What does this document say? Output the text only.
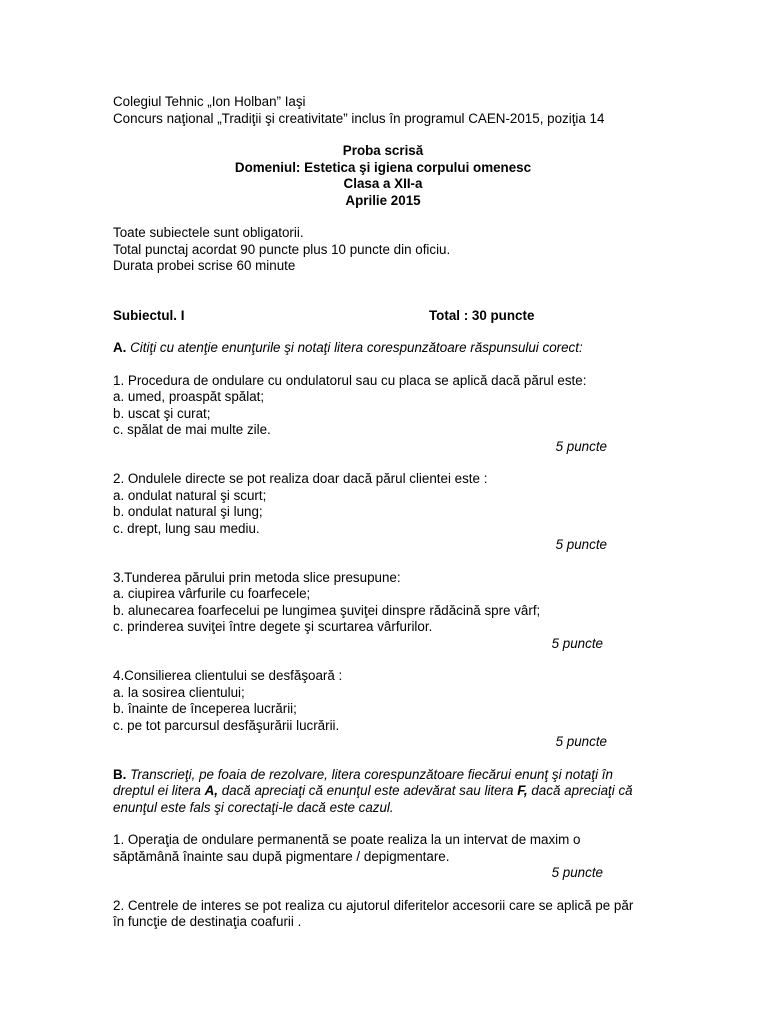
Colegiul Tehnic „Ion Holban” Iaşi
Concurs naţional „Tradiţii şi creativitate” inclus în programul CAEN-2015, poziţia 14
Proba scrisă
Domeniul: Estetica şi igiena corpului omenesc
Clasa a XII-a
Aprilie 2015
Toate subiectele sunt obligatorii.
Total punctaj acordat 90 puncte plus 10 puncte din oficiu.
Durata probei scrise 60 minute
Subiectul. I	Total : 30 puncte
A. Citiţi cu atenţie enunţurile şi notaţi litera corespunzătoare răspunsului corect:
1. Procedura de ondulare cu ondulatorul sau cu placa se aplică dacă părul este:
a. umed, proaspăt spălat;
b. uscat şi curat;
c. spălat de mai multe zile.
5 puncte
2. Ondulele directe se pot realiza doar dacă părul clientei este :
a. ondulat natural şi scurt;
b. ondulat natural şi lung;
c. drept, lung sau mediu.
5 puncte
3.Tunderea părului prin metoda slice presupune:
a. ciupirea vârfurile cu foarfecele;
b. alunecarea foarfecelui pe lungimea şuviţei dinspre rădăcină spre vârf;
c. prinderea suviţei între degete şi scurtarea vârfurilor.
5 puncte
4.Consilierea clientului se desfăşoară :
a. la sosirea clientului;
b. înainte de începerea lucrării;
c. pe tot parcursul desfăşurării lucrării.
5 puncte
B. Transcrieţi, pe foaia de rezolvare, litera corespunzătoare fiecărui enunţ şi notaţi în
dreptul ei litera A, dacă apreciaţi că enunţul este adevărat sau litera F, dacă apreciaţi că
enunţul este fals şi corectaţi-le dacă este cazul.
1. Operaţia de ondulare permanentă se poate realiza la un intervat de maxim o
săptămână înainte sau după pigmentare / depigmentare.
5 puncte
2. Centrele de interes se pot realiza cu ajutorul diferitelor accesorii care se aplică pe păr
în funcţie de destinaţia coafurii .
